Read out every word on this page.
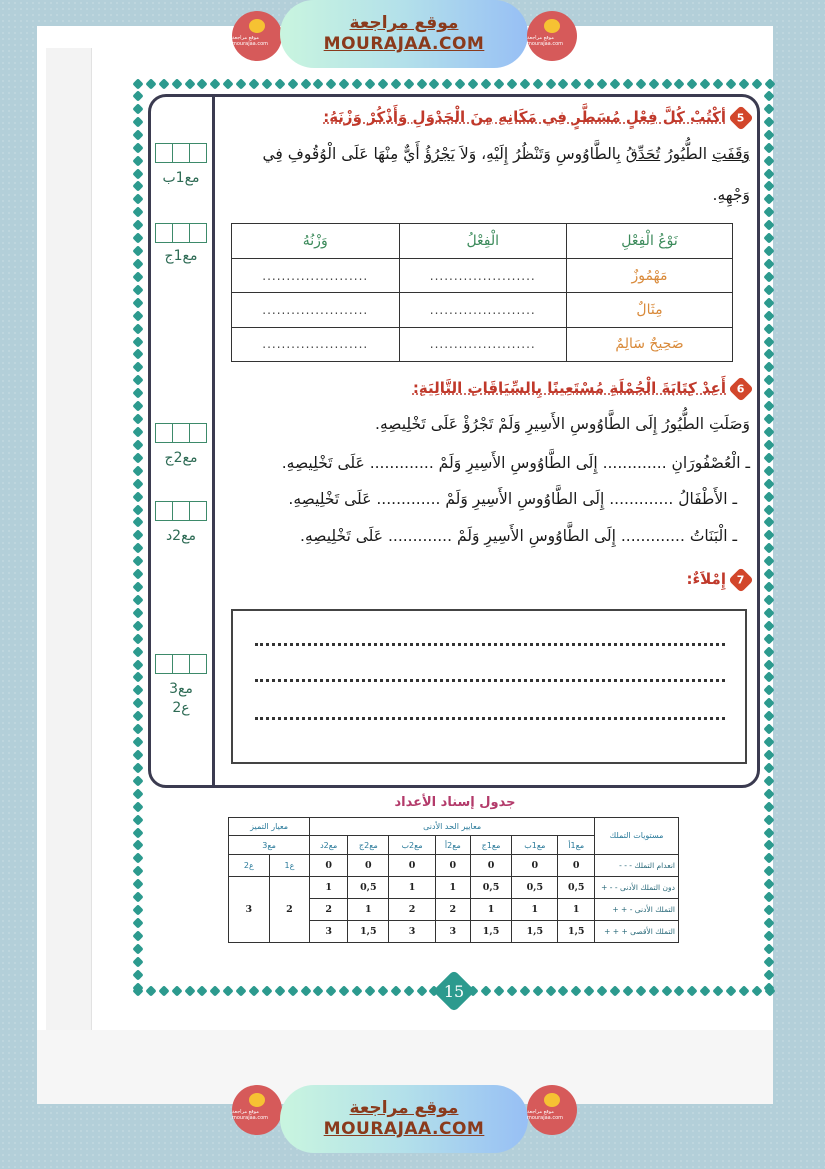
موقع مراجعة mourajaa.com
موقع مراجعة
MOURAJAA.COM	موقع مراجعة mourajaa.com
مع1ب
مع1ج
مع2ج
مع2د
مع3
ع2
5
أكْتُبْ كُلَّ فِعْلٍ مُسَطَّرٍ فِي مَكَانِهِ مِنَ الْجَدْوَلِ وَأَذْكُرْ وَزْنَهُ:
وَقَفَتِ الطُّيُورُ تُحَدِّقُ بِالطَّاوُوسِ وَتَنْظُرُ إِلَيْهِ، وَلاَ يَجْرُؤُ أَيٌّ مِنْهَا عَلَى الْوُقُوفِ فِي
وَجْهِهِ.
نَوْعُ الْفِعْلِ	الْفِعْلُ	وَزْنُهُ
مَهْمُوزٌ	......................	......................
مِثَالٌ	......................	......................
صَحِيحٌ سَالِمٌ	......................	......................
6
أَعِدْ كِتَابَةَ الْجُمْلَةِ مُسْتَعِينًا بِالسِّيَاقَاتِ التَّالِيَةِ:
وَصَلَتِ الطُّيُورُ إِلَى الطَّاوُوسِ الأَسِيرِ وَلَمْ تَجْرُؤْ عَلَى تَخْلِيصِهِ.
ـ الْعُصْفُورَانِ ............. إِلَى الطَّاوُوسِ الأَسِيرِ وَلَمْ ............. عَلَى تَخْلِيصِهِ.
ـ الأَطْفَالُ ............. إِلَى الطَّاوُوسِ الأَسِيرِ وَلَمْ ............. عَلَى تَخْلِيصِهِ.
ـ الْبَنَاتُ ............. إِلَى الطَّاوُوسِ الأَسِيرِ وَلَمْ ............. عَلَى تَخْلِيصِهِ.
7
إِمْلاَءٌ:
جدول إسناد الأعداد
مستويات التملك	معايير الحد الأدنى							معيار التميز	
	مع1أ	مع1ب	مع1ج	مع2أ	مع2ب	مع2ج	مع2د	مع3	
انعدام التملك - - -	0	0	0	0	0	0	0	ع1	ع2
دون التملك الأدنى - - +	0,5	0,5	0,5	1	1	0,5	1	2	3
التملك الأدنى - + +	1	1	1	2	2	1	2		
التملك الأقصى + + +	1,5	1,5	1,5	3	3	1,5	3		
15
موقع مراجعة mourajaa.com	موقع مراجعة
MOURAJAA.COM
موقع مراجعة mourajaa.com
